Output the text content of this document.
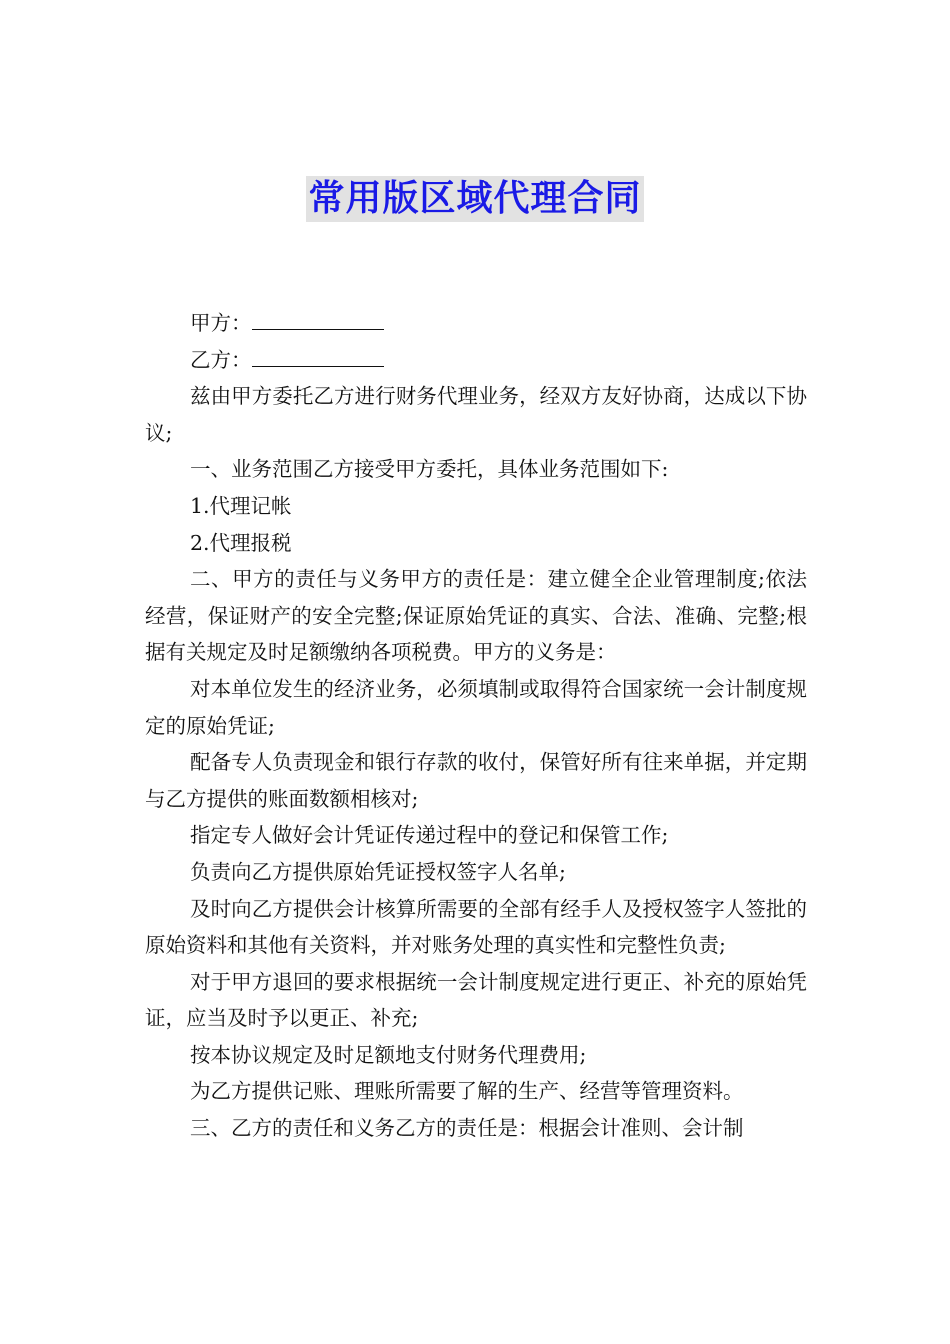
常用版区域代理合同

甲方：

乙方：

兹由甲方委托乙方进行财务代理业务，经双方友好协商，达成以下协议;

一、业务范围乙方接受甲方委托，具体业务范围如下:

1.代理记帐

2.代理报税

二、甲方的责任与义务甲方的责任是：建立健全企业管理制度;依法经营，保证财产的安全完整;保证原始凭证的真实、合法、准确、完整;根据有关规定及时足额缴纳各项税费。甲方的义务是：

对本单位发生的经济业务，必须填制或取得符合国家统一会计制度规定的原始凭证;

配备专人负责现金和银行存款的收付，保管好所有往来单据，并定期与乙方提供的账面数额相核对;

指定专人做好会计凭证传递过程中的登记和保管工作;

负责向乙方提供原始凭证授权签字人名单;

及时向乙方提供会计核算所需要的全部有经手人及授权签字人签批的原始资料和其他有关资料，并对账务处理的真实性和完整性负责;

对于甲方退回的要求根据统一会计制度规定进行更正、补充的原始凭证，应当及时予以更正、补充;

按本协议规定及时足额地支付财务代理费用;

为乙方提供记账、理账所需要了解的生产、经营等管理资料。

三、乙方的责任和义务乙方的责任是：根据会计准则、会计制
